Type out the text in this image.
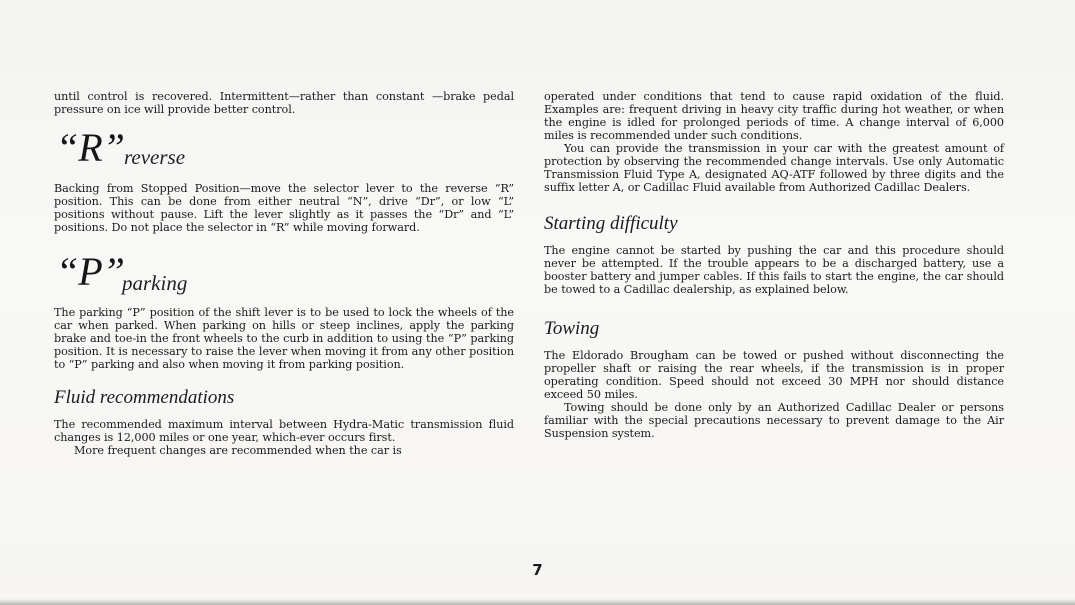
until control is recovered. Intermittent—rather than constant —brake pedal pressure on ice will provide better control.

“R” reverse

Backing from Stopped Position—move the selector lever to the reverse “R” position. This can be done from either neutral “N”, drive “Dr”, or low “L” positions without pause. Lift the lever slightly as it passes the “Dr” and “L” positions. Do not place the selector in “R” while moving forward.

“P”
parking

The parking “P” position of the shift lever is to be used to lock the wheels of the car when parked. When parking on hills or steep inclines, apply the parking brake and toe-in the front wheels to the curb in addition to using the “P” parking position. It is necessary to raise the lever when moving it from any other position to “P” parking and also when moving it from parking position.

Fluid recommendations

The recommended maximum interval between Hydra-Matic transmission fluid changes is 12,000 miles or one year, which-ever occurs first.

More frequent changes are recommended when the car is

operated under conditions that tend to cause rapid oxidation of the fluid. Examples are: frequent driving in heavy city traffic during hot weather, or when the engine is idled for prolonged periods of time. A change interval of 6,000 miles is recommended under such conditions.

You can provide the transmission in your car with the greatest amount of protection by observing the recommended change intervals. Use only Automatic Transmission Fluid Type A, designated AQ-ATF followed by three digits and the suffix letter A, or Cadillac Fluid available from Authorized Cadillac Dealers.

Starting difficulty

The engine cannot be started by pushing the car and this procedure should never be attempted. If the trouble appears to be a discharged battery, use a booster battery and jumper cables. If this fails to start the engine, the car should be towed to a Cadillac dealership, as explained below.

Towing

The Eldorado Brougham can be towed or pushed without disconnecting the propeller shaft or raising the rear wheels, if the transmission is in proper operating condition. Speed should not exceed 30 MPH nor should distance exceed 50 miles.

Towing should be done only by an Authorized Cadillac Dealer or persons familiar with the special precautions necessary to prevent damage to the Air Suspension system.

7
